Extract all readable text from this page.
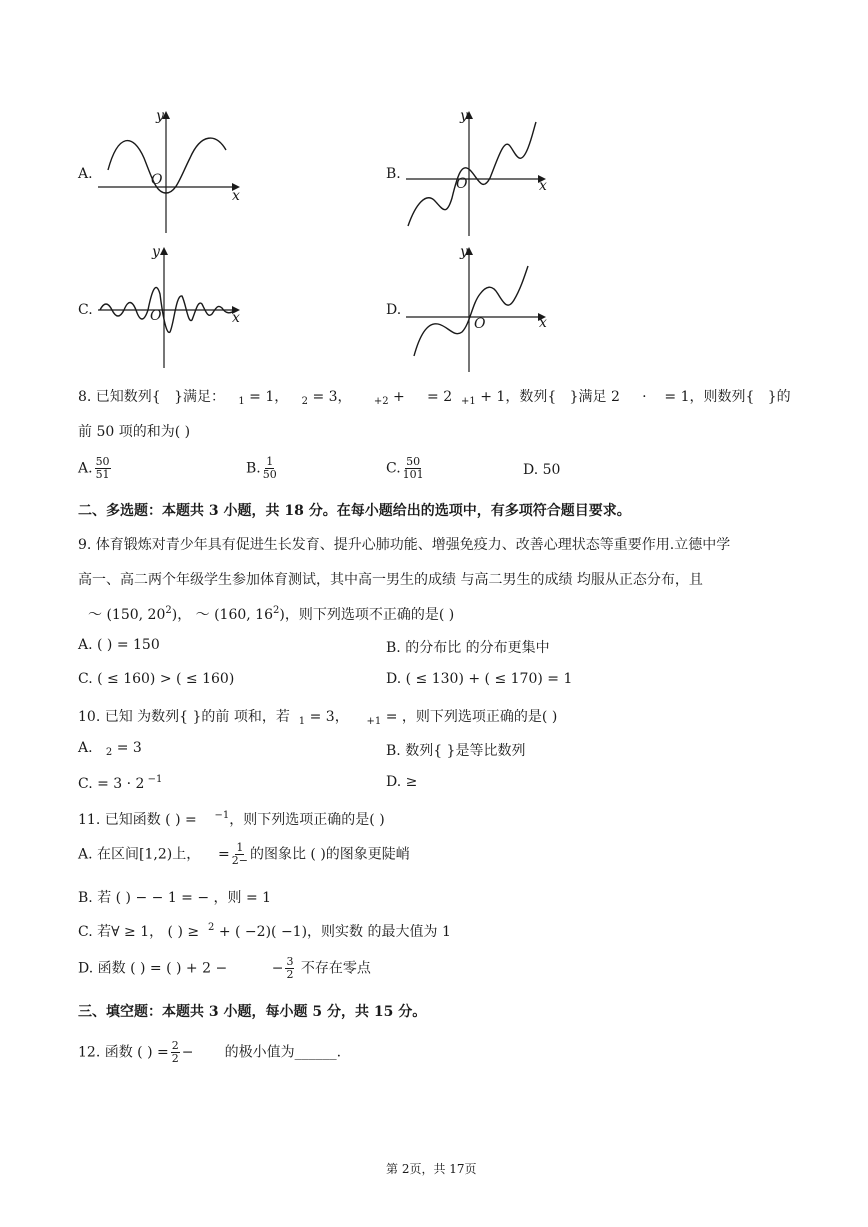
A.
y
x
O	B.
y
x
O
C.
y
x
O	D.
y
x
O
8. 已知数列{ }满足： $_1$ = 1， $_2$ = 3， $_{+2}$ +     = 2 $_{+1}$ + 1，数列{ }满足 2 · = 1，则数列{ }的
前 50 项的和为( )
A. $\frac{50}{51}$	B. $\frac{1}{50}$	C. $\frac{50}{101}$	D. 50
二、多选题：本题共 3 小题，共 18 分。在每小题给出的选项中，有多项符合题目要求。
9. 体育锻炼对青少年具有促进生长发育、提升心肺功能、增强免疫力、改善心理状态等重要作用.立德中学
高一、高二两个年级学生参加体育测试，其中高一男生的成绩 与高二男生的成绩 均服从正态分布，且
～ (150, $20^2$)， ～ (160, $16^2$)，则下列选项不正确的是( )
A. ( ) = 150	B. 的分布比 的分布更集中
C. ( ≤ 160) > ( ≤ 160)	D. ( ≤ 130) + ( ≤ 170) = 1
10. 已知 为数列{ }的前 项和，若 $_1$ = 3， $_{+1}$ = ，则下列选项正确的是( )
A. $_2$ = 3	B. 数列{ }是等比数列
C. = 3 · 2 $^{-1}$	D. ≥
11. 已知函数 ( ) = $^{-1}$，则下列选项正确的是( )
A. 在区间[1,2)上，    = $\frac{1}{2-}$ 的图象比 ( )的图象更陡峭
B. 若 ( ) − − 1 = − ，则 = 1
C. 若∀ ≥ 1， ( ) ≥ $^2$ + ( −2)( −1)，则实数 的最大值为 1
D. 函数 ( ) = ( ) + 2 −	− $\frac{3}{2}$ 不存在零点
三、填空题：本题共 3 小题，每小题 5 分，共 15 分。
12. 函数 ( ) = $\frac{2}{2}$ − 的极小值为______.
第 2页，共 17页
